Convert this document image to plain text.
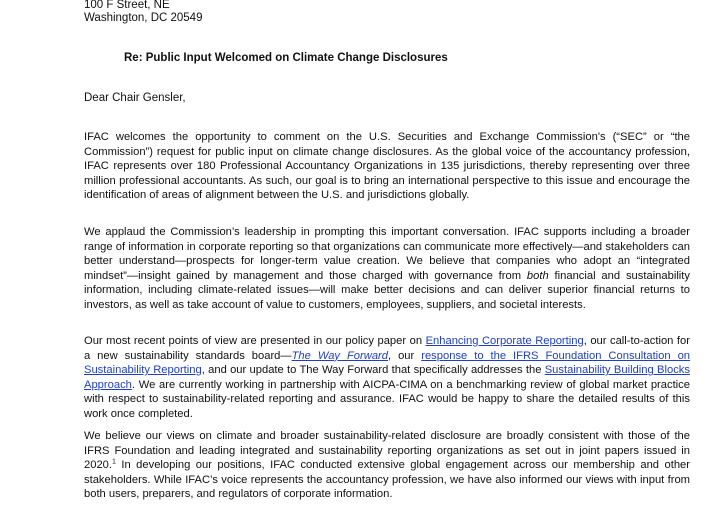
100 F Street, NE
Washington, DC 20549
Re: Public Input Welcomed on Climate Change Disclosures
Dear Chair Gensler,
IFAC welcomes the opportunity to comment on the U.S. Securities and Exchange Commission's (“SEC” or “the Commission”) request for public input on climate change disclosures. As the global voice of the accountancy profession, IFAC represents over 180 Professional Accountancy Organizations in 135 jurisdictions, thereby representing over three million professional accountants. As such, our goal is to bring an international perspective to this issue and encourage the identification of areas of alignment between the U.S. and jurisdictions globally.
We applaud the Commission’s leadership in prompting this important conversation. IFAC supports including a broader range of information in corporate reporting so that organizations can communicate more effectively—and stakeholders can better understand—prospects for longer-term value creation. We believe that companies who adopt an “integrated mindset”—insight gained by management and those charged with governance from both financial and sustainability information, including climate-related issues—will make better decisions and can deliver superior financial returns to investors, as well as take account of value to customers, employees, suppliers, and societal interests.
Our most recent points of view are presented in our policy paper on Enhancing Corporate Reporting, our call-to-action for a new sustainability standards board—The Way Forward, our response to the IFRS Foundation Consultation on Sustainability Reporting, and our update to The Way Forward that specifically addresses the Sustainability Building Blocks Approach. We are currently working in partnership with AICPA-CIMA on a benchmarking review of global market practice with respect to sustainability-related reporting and assurance. IFAC would be happy to share the detailed results of this work once completed.
We believe our views on climate and broader sustainability-related disclosure are broadly consistent with those of the IFRS Foundation and leading integrated and sustainability reporting organizations as set out in joint papers issued in 2020.$^1$ In developing our positions, IFAC conducted extensive global engagement across our membership and other stakeholders. While IFAC’s voice represents the accountancy profession, we have also informed our views with input from both users, preparers, and regulators of corporate information.
